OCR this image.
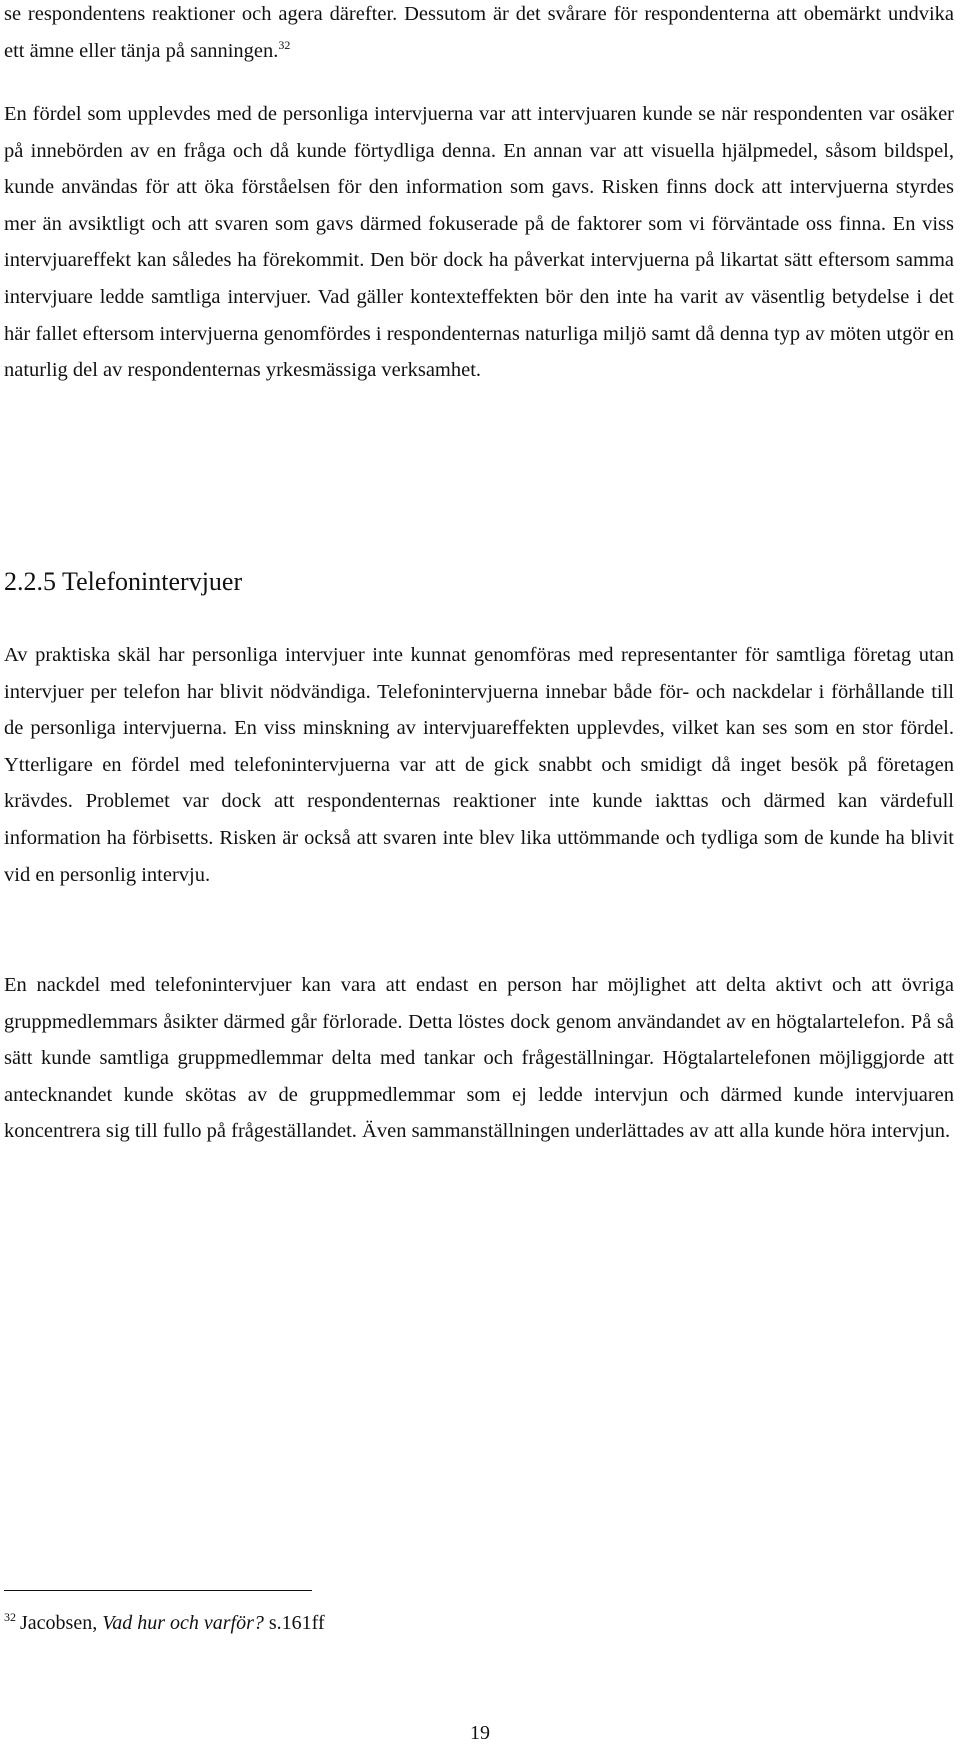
se respondentens reaktioner och agera därefter. Dessutom är det svårare för respondenterna att obemärkt undvika ett ämne eller tänja på sanningen.$^{32}$

En fördel som upplevdes med de personliga intervjuerna var att intervjuaren kunde se när respondenten var osäker på innebörden av en fråga och då kunde förtydliga denna. En annan var att visuella hjälpmedel, såsom bildspel, kunde användas för att öka förståelsen för den information som gavs. Risken finns dock att intervjuerna styrdes mer än avsiktligt och att svaren som gavs därmed fokuserade på de faktorer som vi förväntade oss finna. En viss intervjuareffekt kan således ha förekommit. Den bör dock ha påverkat intervjuerna på likartat sätt eftersom samma intervjuare ledde samtliga intervjuer. Vad gäller kontexteffekten bör den inte ha varit av väsentlig betydelse i det här fallet eftersom intervjuerna genomfördes i respondenternas naturliga miljö samt då denna typ av möten utgör en naturlig del av respondenternas yrkesmässiga verksamhet.

2.2.5 Telefonintervjuer

Av praktiska skäl har personliga intervjuer inte kunnat genomföras med representanter för samtliga företag utan intervjuer per telefon har blivit nödvändiga. Telefonintervjuerna innebar både för- och nackdelar i förhållande till de personliga intervjuerna. En viss minskning av intervjuareffekten upplevdes, vilket kan ses som en stor fördel. Ytterligare en fördel med telefonintervjuerna var att de gick snabbt och smidigt då inget besök på företagen krävdes. Problemet var dock att respondenternas reaktioner inte kunde iakttas och därmed kan värdefull information ha förbisetts. Risken är också att svaren inte blev lika uttömmande och tydliga som de kunde ha blivit vid en personlig intervju.

En nackdel med telefonintervjuer kan vara att endast en person har möjlighet att delta aktivt och att övriga gruppmedlemmars åsikter därmed går förlorade. Detta löstes dock genom användandet av en högtalartelefon. På så sätt kunde samtliga gruppmedlemmar delta med tankar och frågeställningar. Högtalartelefonen möjliggjorde att antecknandet kunde skötas av de gruppmedlemmar som ej ledde intervjun och därmed kunde intervjuaren koncentrera sig till fullo på frågeställandet. Även sammanställningen underlättades av att alla kunde höra intervjun.

$^{32}$ Jacobsen, Vad hur och varför? s.161ff

19
